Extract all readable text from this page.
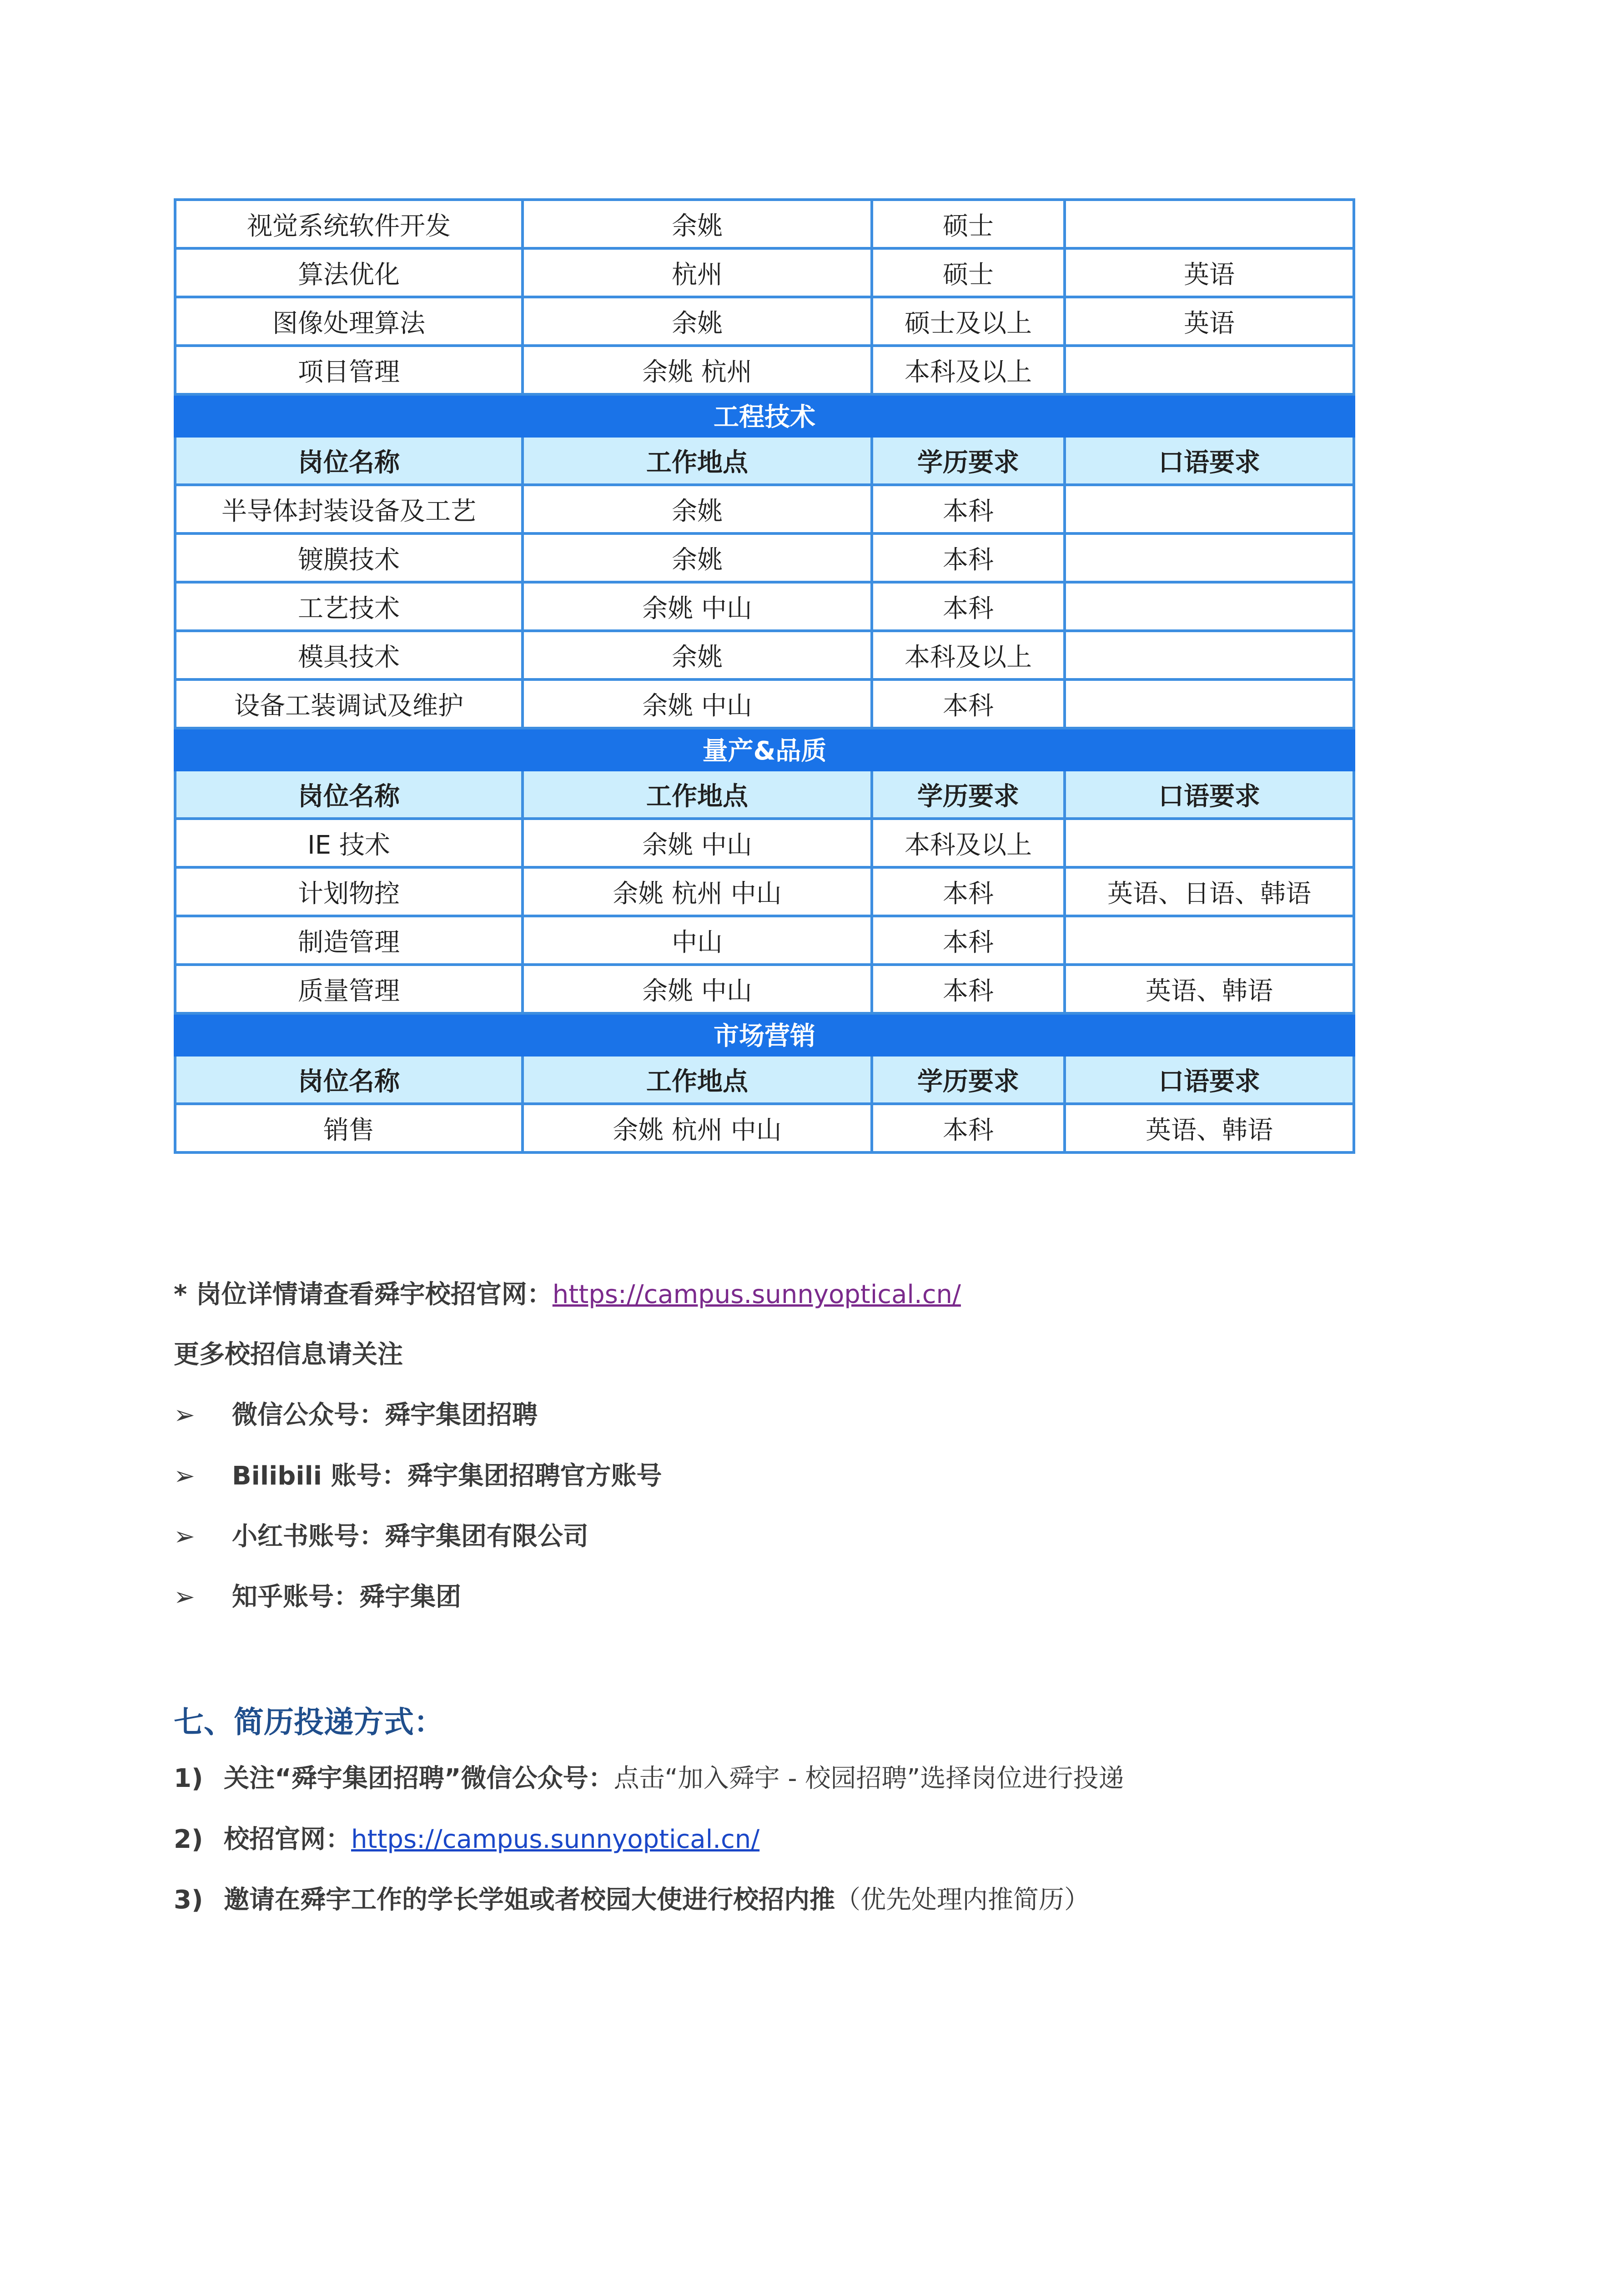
视觉系统软件开发	余姚	硕士	
算法优化	杭州	硕士	英语
图像处理算法	余姚	硕士及以上	英语
项目管理	余姚 杭州	本科及以上	
工程技术			
岗位名称	工作地点	学历要求	口语要求
半导体封装设备及工艺	余姚	本科	
镀膜技术	余姚	本科	
工艺技术	余姚 中山	本科	
模具技术	余姚	本科及以上	
设备工装调试及维护	余姚 中山	本科	
量产&品质			
岗位名称	工作地点	学历要求	口语要求
IE 技术	余姚 中山	本科及以上	
计划物控	余姚 杭州 中山	本科	英语、日语、韩语
制造管理	中山	本科	
质量管理	余姚 中山	本科	英语、韩语
市场营销			
岗位名称	工作地点	学历要求	口语要求
销售	余姚 杭州 中山	本科	英语、韩语
* 岗位详情请查看舜宇校招官网：https://campus.sunnyoptical.cn/
更多校招信息请关注
➢ 微信公众号：舜宇集团招聘
➢ Bilibili 账号：舜宇集团招聘官方账号
➢ 小红书账号：舜宇集团有限公司
➢ 知乎账号：舜宇集团
七、简历投递方式：
1) 关注“舜宇集团招聘”微信公众号：点击“加入舜宇 - 校园招聘”选择岗位进行投递
2) 校招官网：https://campus.sunnyoptical.cn/
3) 邀请在舜宇工作的学长学姐或者校园大使进行校招内推（优先处理内推简历）
